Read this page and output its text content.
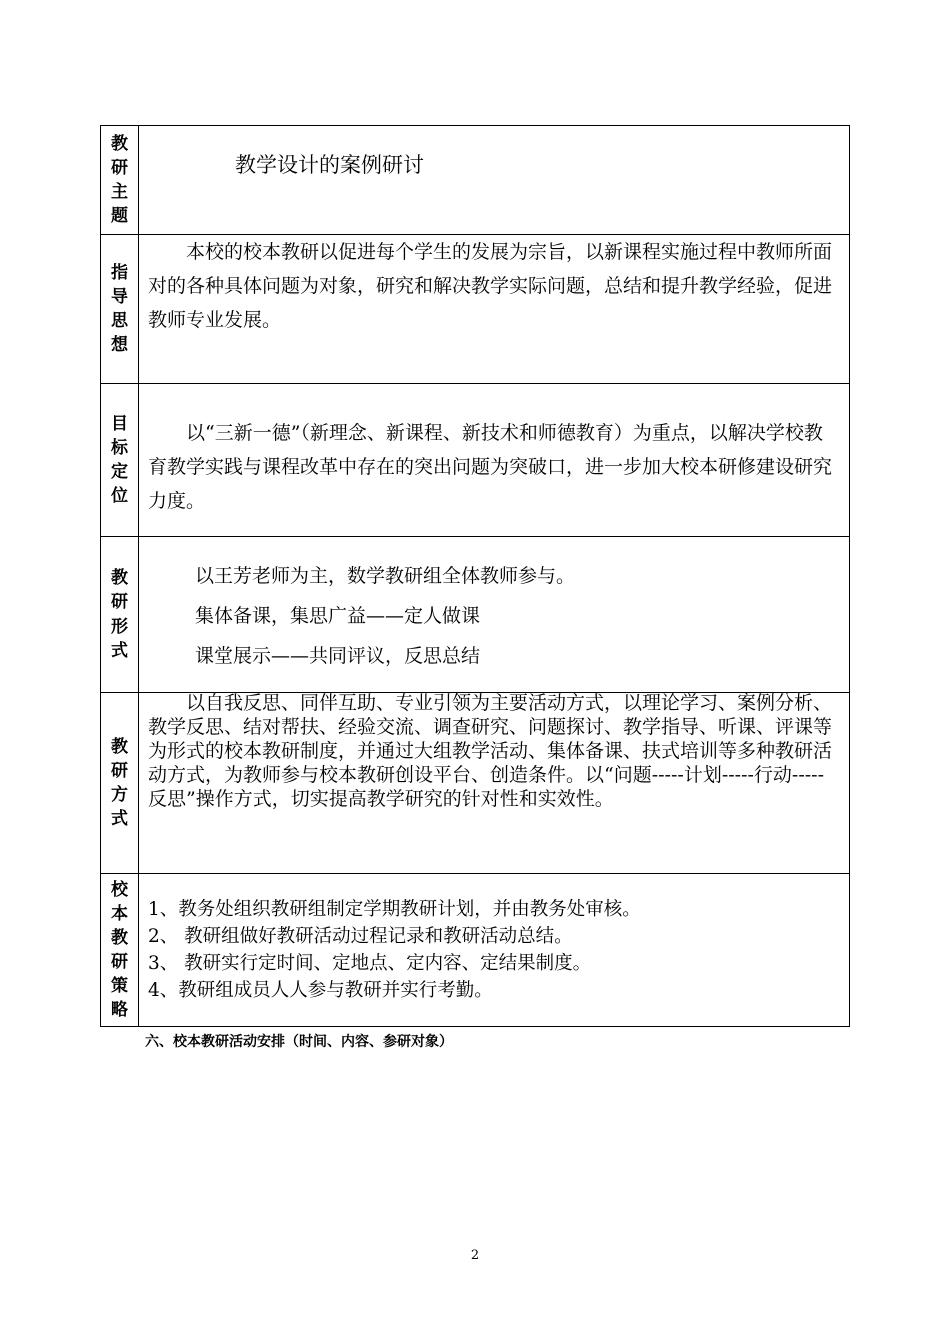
教研主题	教学设计的案例研讨

指导思想	本校的校本教研以促进每个学生的发展为宗旨，以新课程实施过程中教师所面对的各种具体问题为对象，研究和解决教学实际问题，总结和提升教学经验，促进教师专业发展。

目标定位	以“三新一德”（新理念、新课程、新技术和师德教育）为重点，以解决学校教育教学实践与课程改革中存在的突出问题为突破口，进一步加大校本研修建设研究力度。

教研形式	以王芳老师为主，数学教研组全体教师参与。

集体备课，集思广益——定人做课

课堂展示——共同评议，反思总结

教研方式	以自我反思、同伴互助、专业引领为主要活动方式，以理论学习、案例分析、教学反思、结对帮扶、经验交流、调查研究、问题探讨、教学指导、听课、评课等为形式的校本教研制度，并通过大组教学活动、集体备课、扶式培训等多种教研活动方式，为教师参与校本教研创设平台、创造条件。以“问题-----计划-----行动-----反思”操作方式，切实提高教学研究的针对性和实效性。

校本教研策略	1、教务处组织教研组制定学期教研计划，并由教务处审核。

2、 教研组做好教研活动过程记录和教研活动总结。

3、 教研实行定时间、定地点、定内容、定结果制度。

4、教研组成员人人参与教研并实行考勤。

六、校本教研活动安排（时间、内容、参研对象）
2
